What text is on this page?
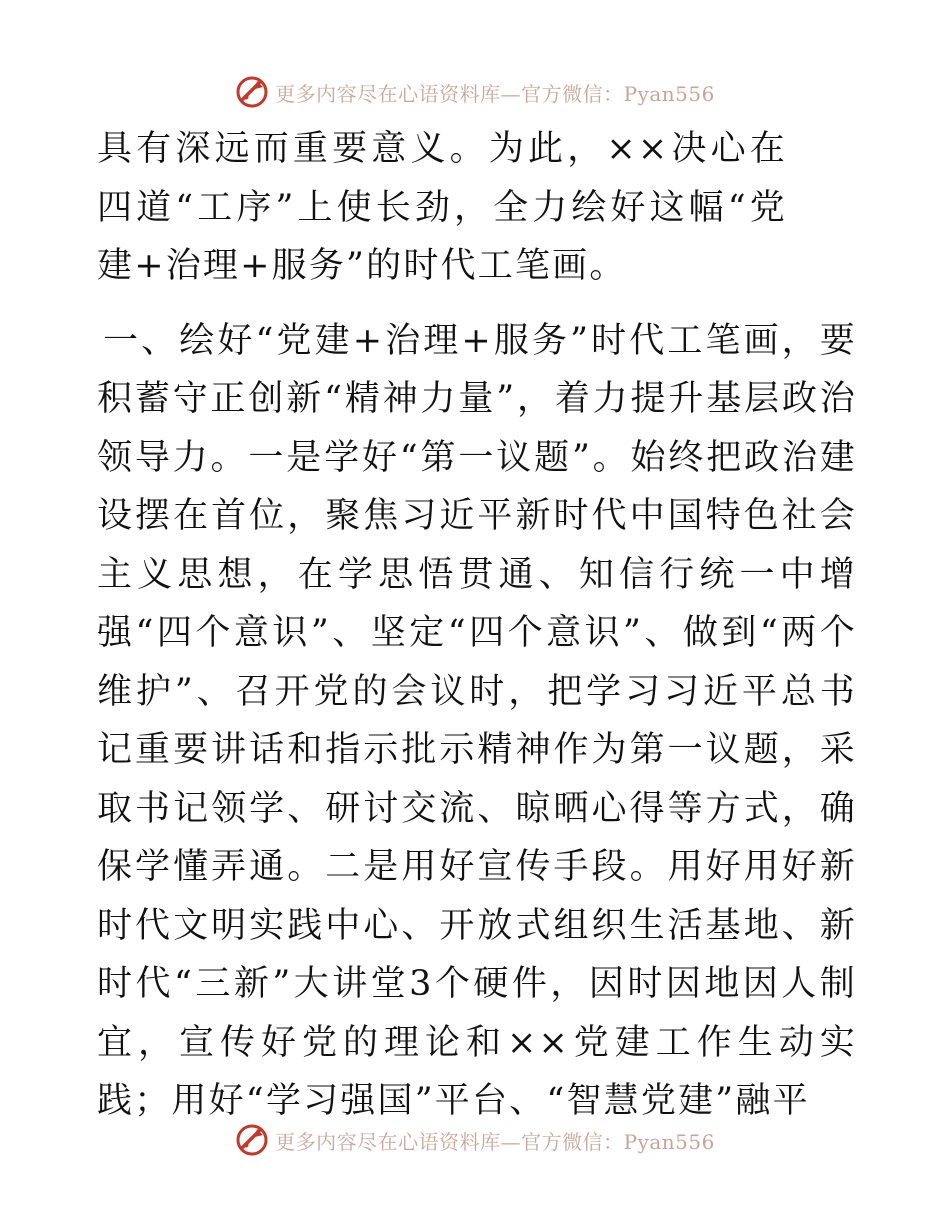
更多内容尽在心语资料库—官方微信：Pyan556

具有深远而重要意义。为此，××决心在四道“工序”上使长劲，全力绘好这幅“党建+治理+服务”的时代工笔画。

一、绘好“党建+治理+服务”时代工笔画，要积蓄守正创新“精神力量”，着力提升基层政治领导力。一是学好“第一议题”。始终把政治建设摆在首位，聚焦习近平新时代中国特色社会主义思想，在学思悟贯通、知信行统一中增强“四个意识”、坚定“四个意识”、做到“两个维护”、召开党的会议时，把学习习近平总书记重要讲话和指示批示精神作为第一议题，采取书记领学、研讨交流、晾晒心得等方式，确保学懂弄通。二是用好宣传手段。用好用好新时代文明实践中心、开放式组织生活基地、新时代“三新”大讲堂3个硬件，因时因地因人制宜，宣传好党的理论和××党建工作生动实践；用好“学习强国”平台、“智慧党建”融平

更多内容尽在心语资料库—官方微信：Pyan556
